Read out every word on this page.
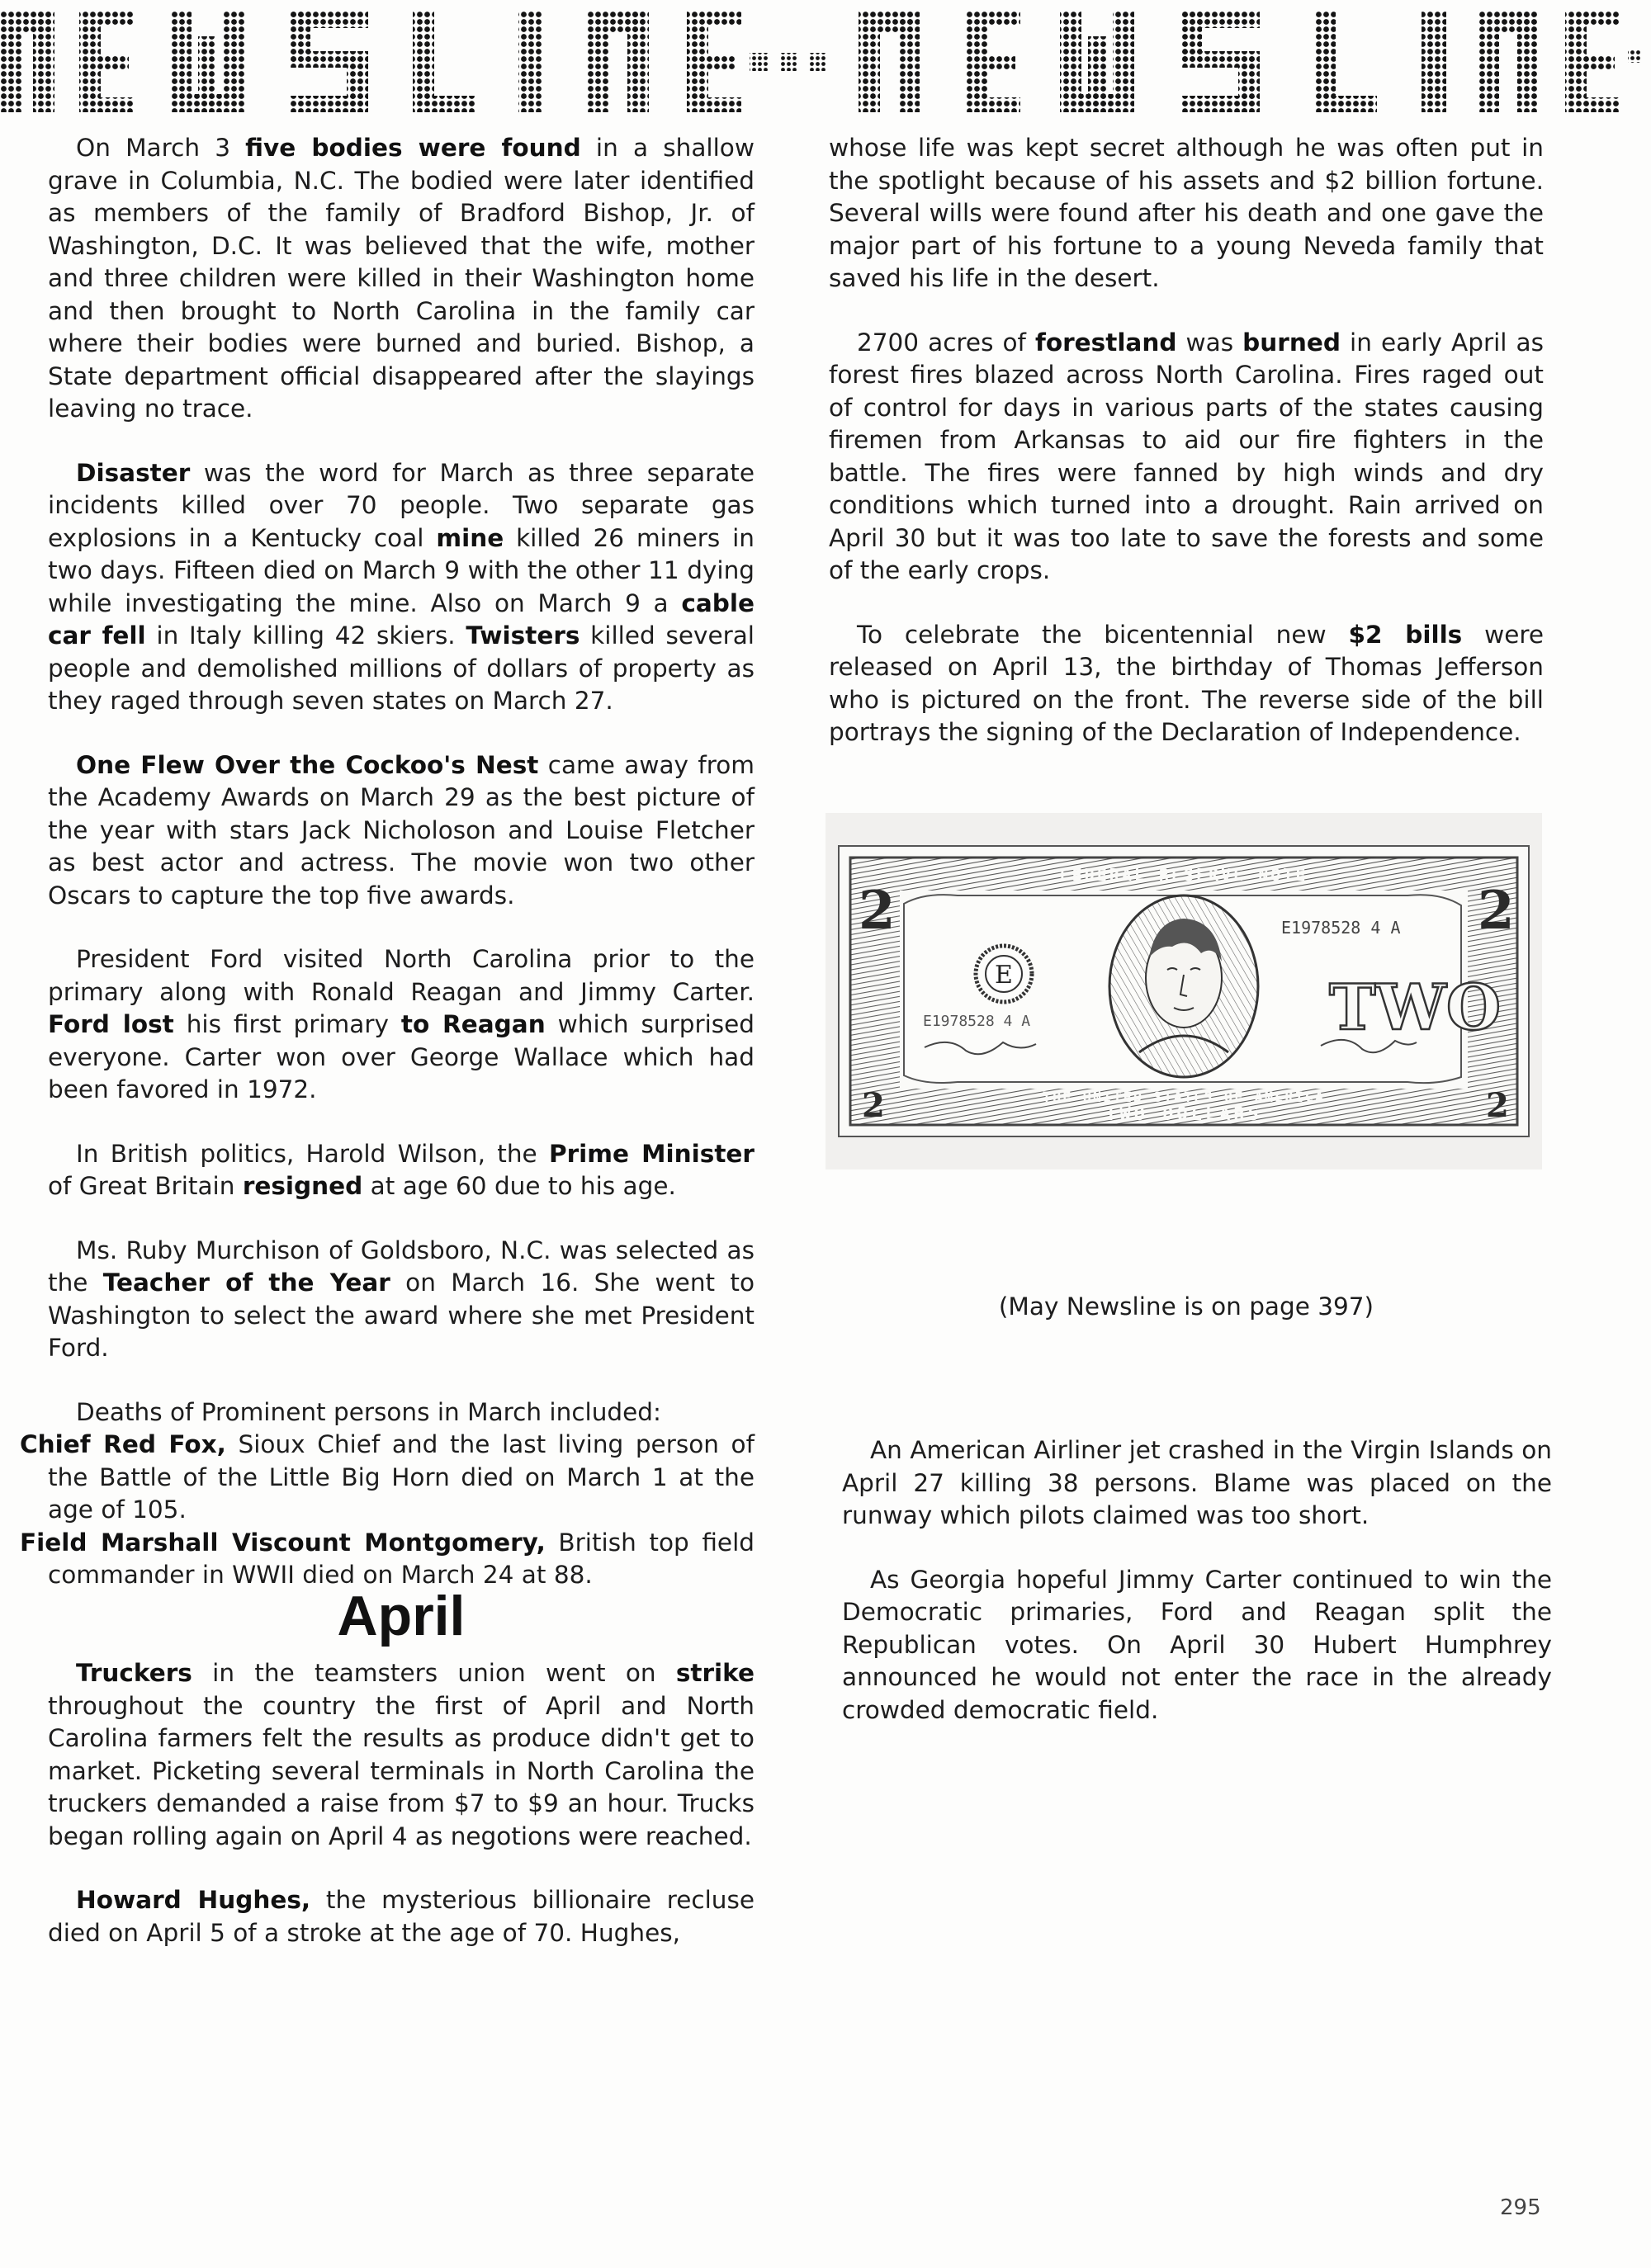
On March 3 five bodies were found in a shallow grave in Columbia, N.C. The bodied were later identified as members of the family of Bradford Bishop, Jr. of Washington, D.C. It was believed that the wife, mother and three children were killed in their Washington home and then brought to North Carolina in the family car where their bodies were burned and buried. Bishop, a State department official disappeared after the slayings leaving no trace.

Disaster was the word for March as three separate incidents killed over 70 people. Two separate gas explosions in a Kentucky coal mine killed 26 miners in two days. Fifteen died on March 9 with the other 11 dying while investigating the mine. Also on March 9 a cable car fell in Italy killing 42 skiers. Twisters killed several people and demolished millions of dollars of property as they raged through seven states on March 27.

One Flew Over the Cockoo's Nest came away from the Academy Awards on March 29 as the best picture of the year with stars Jack Nicholoson and Louise Fletcher as best actor and actress. The movie won two other Oscars to capture the top five awards.

President Ford visited North Carolina prior to the primary along with Ronald Reagan and Jimmy Carter. Ford lost his first primary to Reagan which surprised everyone. Carter won over George Wallace which had been favored in 1972.

In British politics, Harold Wilson, the Prime Minister of Great Britain resigned at age 60 due to his age.

Ms. Ruby Murchison of Goldsboro, N.C. was selected as the Teacher of the Year on March 16. She went to Washington to select the award where she met President Ford.

Deaths of Prominent persons in March included:
Chief Red Fox, Sioux Chief and the last living person of the Battle of the Little Big Horn died on March 1 at the age of 105.
Field Marshall Viscount Montgomery, British top field commander in WWII died on March 24 at 88.

April

Truckers in the teamsters union went on strike throughout the country the first of April and North Carolina farmers felt the results as produce didn't get to market. Picketing several terminals in North Carolina the truckers demanded a raise from $7 to $9 an hour. Trucks began rolling again on April 4 as negotions were reached.

Howard Hughes, the mysterious billionaire recluse died on April 5 of a stroke at the age of 70. Hughes,

whose life was kept secret although he was often put in the spotlight because of his assets and $2 billion fortune. Several wills were found after his death and one gave the major part of his fortune to a young Neveda family that saved his life in the desert.

2700 acres of forestland was burned in early April as forest fires blazed across North Carolina. Fires raged out of control for days in various parts of the states causing firemen from Arkansas to aid our fire fighters in the battle. The fires were fanned by high winds and dry conditions which turned into a drought. Rain arrived on April 30 but it was too late to save the forests and some of the early crops.

To celebrate the bicentennial new $2 bills were released on April 13, the birthday of Thomas Jefferson who is pictured on the front. The reverse side of the bill portrays the signing of the Declaration of Independence.

2	2
2	2
FEDERAL RESERVE NOTE
E
E1978528 4 A
E1978528 4 A	TWO
THE UNITED STATES OF AMERICA
TWO DOLLARS
(May Newsline is on page 397)

An American Airliner jet crashed in the Virgin Islands on April 27 killing 38 persons. Blame was placed on the runway which pilots claimed was too short.

As Georgia hopeful Jimmy Carter continued to win the Democratic primaries, Ford and Reagan split the Republican votes. On April 30 Hubert Humphrey announced he would not enter the race in the already crowded democratic field.

295
